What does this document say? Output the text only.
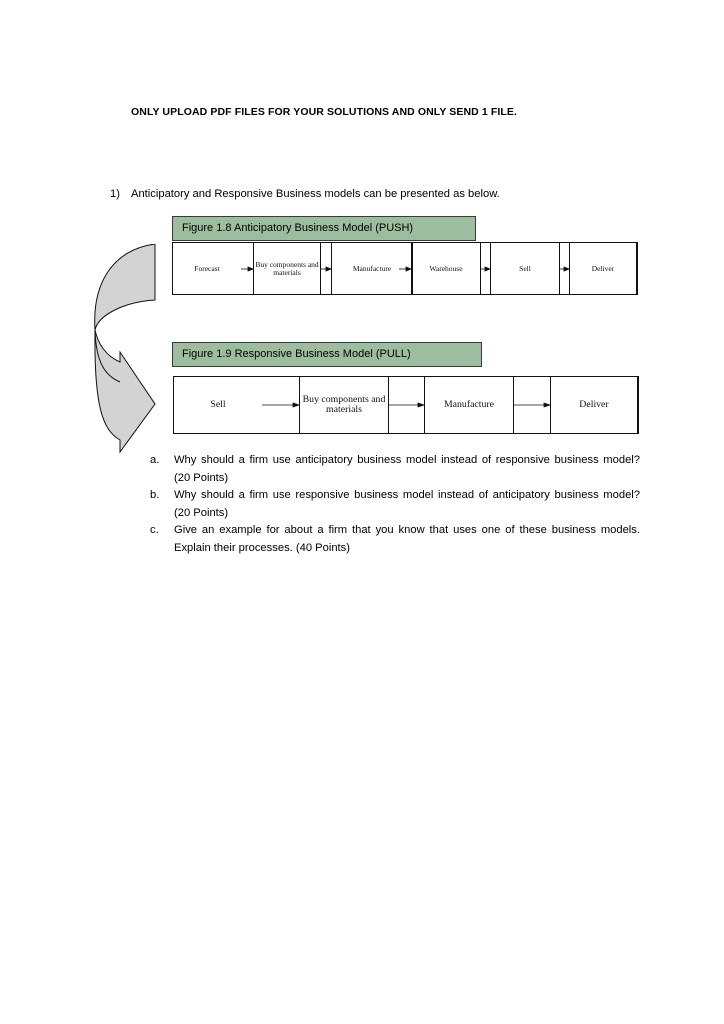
ONLY UPLOAD PDF FILES FOR YOUR SOLUTIONS AND ONLY SEND 1 FILE.
1) Anticipatory and Responsive Business models can be presented as below.
Figure 1.8 Anticipatory Business Model (PUSH)
Forecast	Buy components and materials	Manufacture	Warehouse	Sell	Deliver
Figure 1.9 Responsive Business Model (PULL)
Sell	Buy components and materials	Manufacture	Deliver
a.	Why should a firm use anticipatory business model instead of responsive business model? (20 Points)
b.	Why should a firm use responsive business model instead of anticipatory business model? (20 Points)
c.	Give an example for about a firm that you know that uses one of these business models. Explain their processes. (40 Points)
